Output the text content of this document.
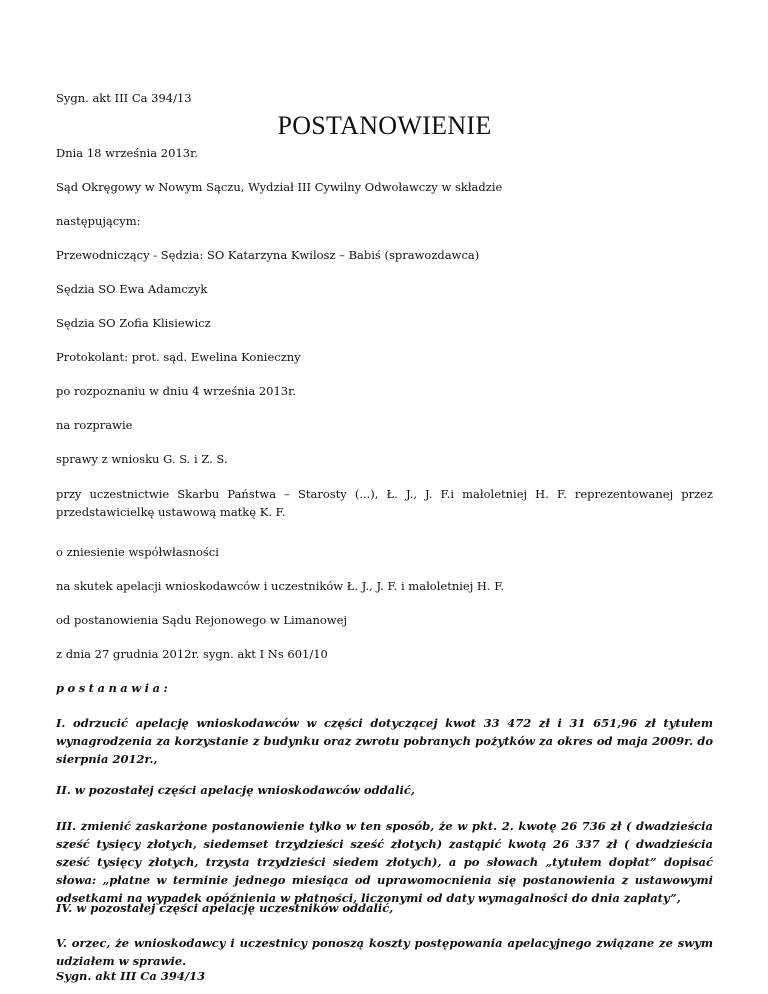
Sygn. akt III Ca 394/13
POSTANOWIENIE
Dnia 18 września 2013r.
Sąd Okręgowy w Nowym Sączu, Wydział III Cywilny Odwoławczy w składzie
następującym:
Przewodniczący - Sędzia: SO Katarzyna Kwilosz – Babiś (sprawozdawca)
Sędzia SO Ewa Adamczyk
Sędzia SO Zofia Klisiewicz
Protokolant: prot. sąd. Ewelina Konieczny
po rozpoznaniu w dniu 4 września 2013r.
na rozprawie
sprawy z wniosku G. S. i Z. S.
przy uczestnictwie Skarbu Państwa – Starosty (...), Ł. J., J. F.i małoletniej H. F. reprezentowanej przez przedstawicielkę ustawową matkę K. F.
o zniesienie współwłasności
na skutek apelacji wnioskodawców i uczestników Ł. J., J. F. i małoletniej H. F.
od postanowienia Sądu Rejonowego w Limanowej
z dnia 27 grudnia 2012r. sygn. akt I Ns 601/10
postanawia:
I. odrzucić apelację wnioskodawców w części dotyczącej kwot 33 472 zł i 31 651,96 zł tytułem wynagrodzenia za korzystanie z budynku oraz zwrotu pobranych pożytków za okres od maja 2009r. do sierpnia 2012r.,
II. w pozostałej części apelację wnioskodawców oddalić,
III. zmienić zaskarżone postanowienie tylko w ten sposób, że w pkt. 2. kwotę 26 736 zł ( dwadzieścia sześć tysięcy złotych, siedemset trzydzieści sześć złotych) zastąpić kwotą 26 337 zł ( dwadzieścia sześć tysięcy złotych, trzysta trzydzieści siedem złotych), a po słowach „tytułem dopłat” dopisać słowa: „płatne w terminie jednego miesiąca od uprawomocnienia się postanowienia z ustawowymi odsetkami na wypadek opóźnienia w płatności, liczonymi od daty wymagalności do dnia zapłaty”,
IV. w pozostałej części apelację uczestników oddalić,
V. orzec, że wnioskodawcy i uczestnicy ponoszą koszty postępowania apelacyjnego związane ze swym udziałem w sprawie.
Sygn. akt III Ca 394/13
